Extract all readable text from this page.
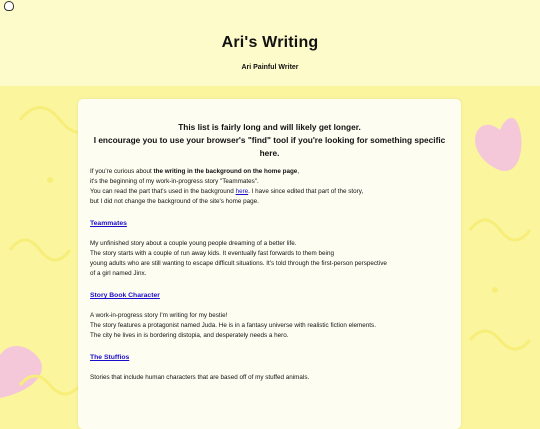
Ari's Writing

Ari Painful Writer

This list is fairly long and will likely get longer.
I encourage you to use your browser's "find" tool if you're looking for something specific here.

If you're curious about the writing in the background on the home page,
it's the beginning of my work-in-progress story "Teammates".
You can read the part that's used in the background here. I have since edited that part of the story,
but I did not change the background of the site's home page.

Teammates

My unfinished story about a couple young people dreaming of a better life.
The story starts with a couple of run away kids. It eventually fast forwards to them being
young adults who are still wanting to escape difficult situations. It's told through the first-person perspective
of a girl named Jinx.

Story Book Character

A work-in-progress story I'm writing for my bestie!
The story features a protagonist named Juda. He is in a fantasy universe with realistic fiction elements.
The city he lives in is bordering distopia, and desperately needs a hero.

The Stuffios

Stories that include human characters that are based off of my stuffed animals.
